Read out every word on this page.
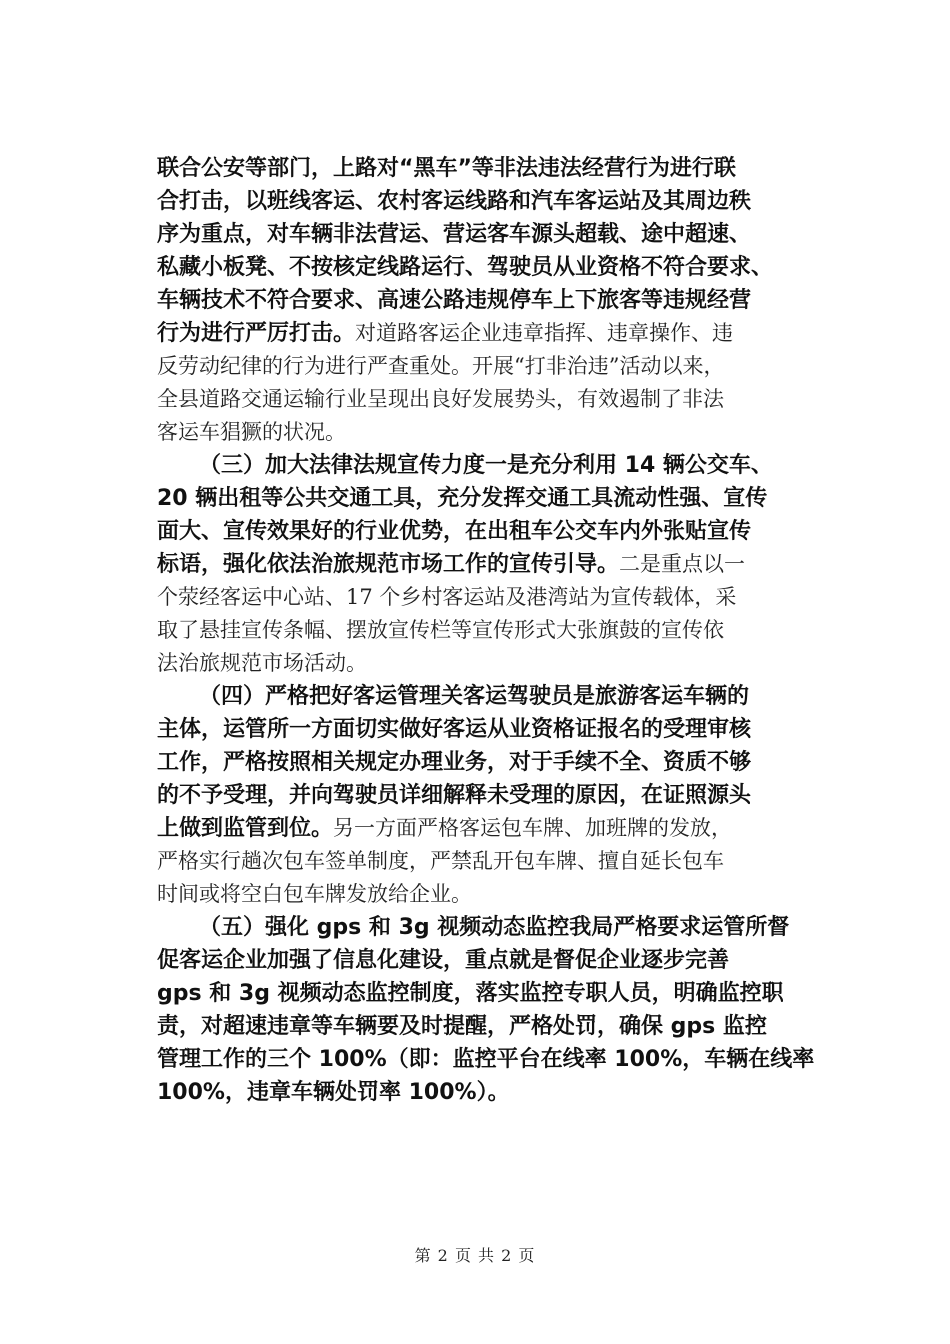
联合公安等部门，上路对“黑车”等非法违法经营行为进行联
合打击，以班线客运、农村客运线路和汽车客运站及其周边秩
序为重点，对车辆非法营运、营运客车源头超载、途中超速、
私藏小板凳、不按核定线路运行、驾驶员从业资格不符合要求、
车辆技术不符合要求、高速公路违规停车上下旅客等违规经营
行为进行严厉打击。对道路客运企业违章指挥、违章操作、违
反劳动纪律的行为进行严查重处。开展“打非治违”活动以来，
全县道路交通运输行业呈现出良好发展势头，有效遏制了非法
客运车猖獗的状况。
（三）加大法律法规宣传力度一是充分利用 14 辆公交车、
20 辆出租等公共交通工具，充分发挥交通工具流动性强、宣传
面大、宣传效果好的行业优势，在出租车公交车内外张贴宣传
标语，强化依法治旅规范市场工作的宣传引导。二是重点以一
个荥经客运中心站、17 个乡村客运站及港湾站为宣传载体，采
取了悬挂宣传条幅、摆放宣传栏等宣传形式大张旗鼓的宣传依
法治旅规范市场活动。
（四）严格把好客运管理关客运驾驶员是旅游客运车辆的
主体，运管所一方面切实做好客运从业资格证报名的受理审核
工作，严格按照相关规定办理业务，对于手续不全、资质不够
的不予受理，并向驾驶员详细解释未受理的原因，在证照源头
上做到监管到位。另一方面严格客运包车牌、加班牌的发放，
严格实行趟次包车签单制度，严禁乱开包车牌、擅自延长包车
时间或将空白包车牌发放给企业。
（五）强化 gps 和 3g 视频动态监控我局严格要求运管所督
促客运企业加强了信息化建设，重点就是督促企业逐步完善
gps 和 3g 视频动态监控制度，落实监控专职人员，明确监控职
责，对超速违章等车辆要及时提醒，严格处罚，确保 gps 监控
管理工作的三个 100%（即：监控平台在线率 100%，车辆在线率
100%，违章车辆处罚率 100%）。
第 2 页 共 2 页
